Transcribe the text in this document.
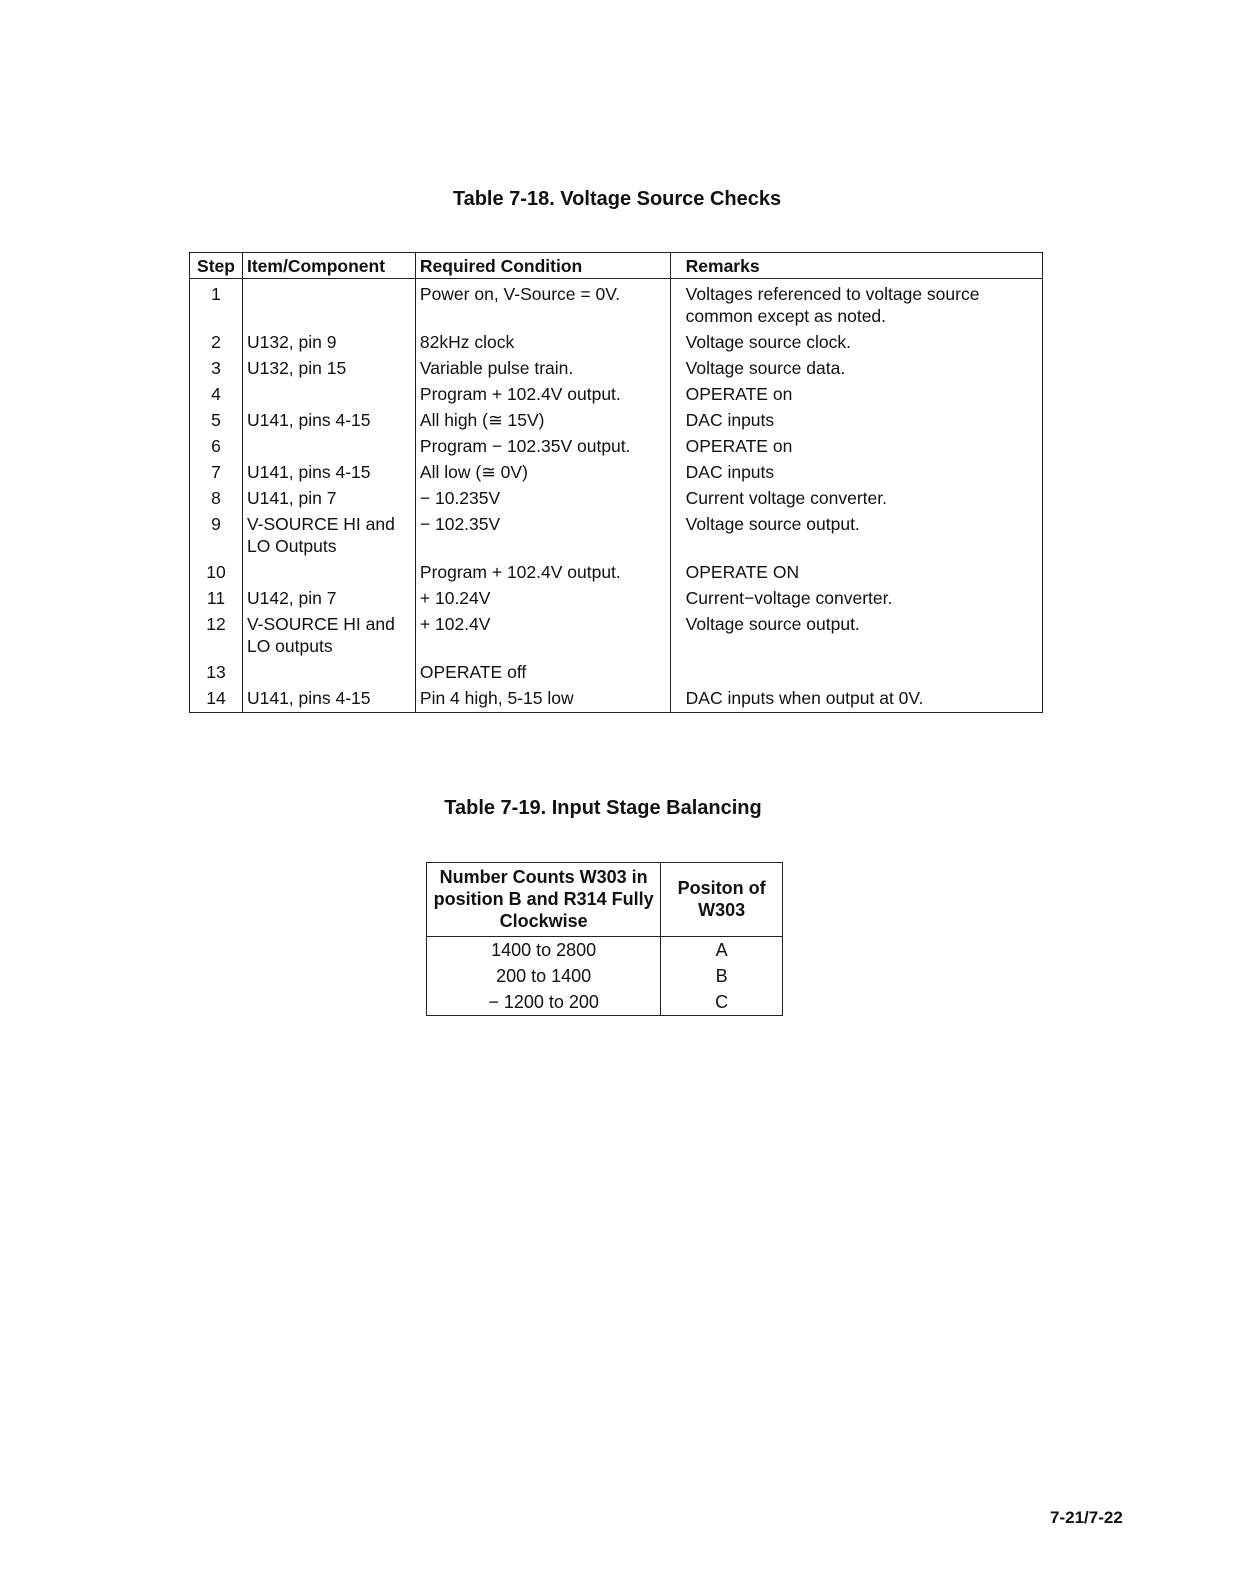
Table 7-18. Voltage Source Checks
Step	Item/Component	Required Condition	Remarks
1		Power on, V-Source = 0V.	Voltages referenced to voltage source common except as noted.
2	U132, pin 9	82kHz clock	Voltage source clock.
3	U132, pin 15	Variable pulse train.	Voltage source data.
4		Program + 102.4V output.	OPERATE on
5	U141, pins 4-15	All high (≅ 15V)	DAC inputs
6		Program − 102.35V output.	OPERATE on
7	U141, pins 4-15	All low (≅ 0V)	DAC inputs
8	U141, pin 7	− 10.235V	Current voltage converter.
9	V-SOURCE HI and LO Outputs	− 102.35V	Voltage source output.
10		Program + 102.4V output.	OPERATE ON
11	U142, pin 7	+ 10.24V	Current−voltage converter.
12	V-SOURCE HI and LO outputs	+ 102.4V	Voltage source output.
13		OPERATE off	
14	U141, pins 4-15	Pin 4 high, 5-15 low	DAC inputs when output at 0V.
Table 7-19. Input Stage Balancing
Number Counts W303 in position B and R314 Fully Clockwise	Positon of W303
1400 to 2800	A
200 to 1400	B
− 1200 to 200	C
7-21/7-22
